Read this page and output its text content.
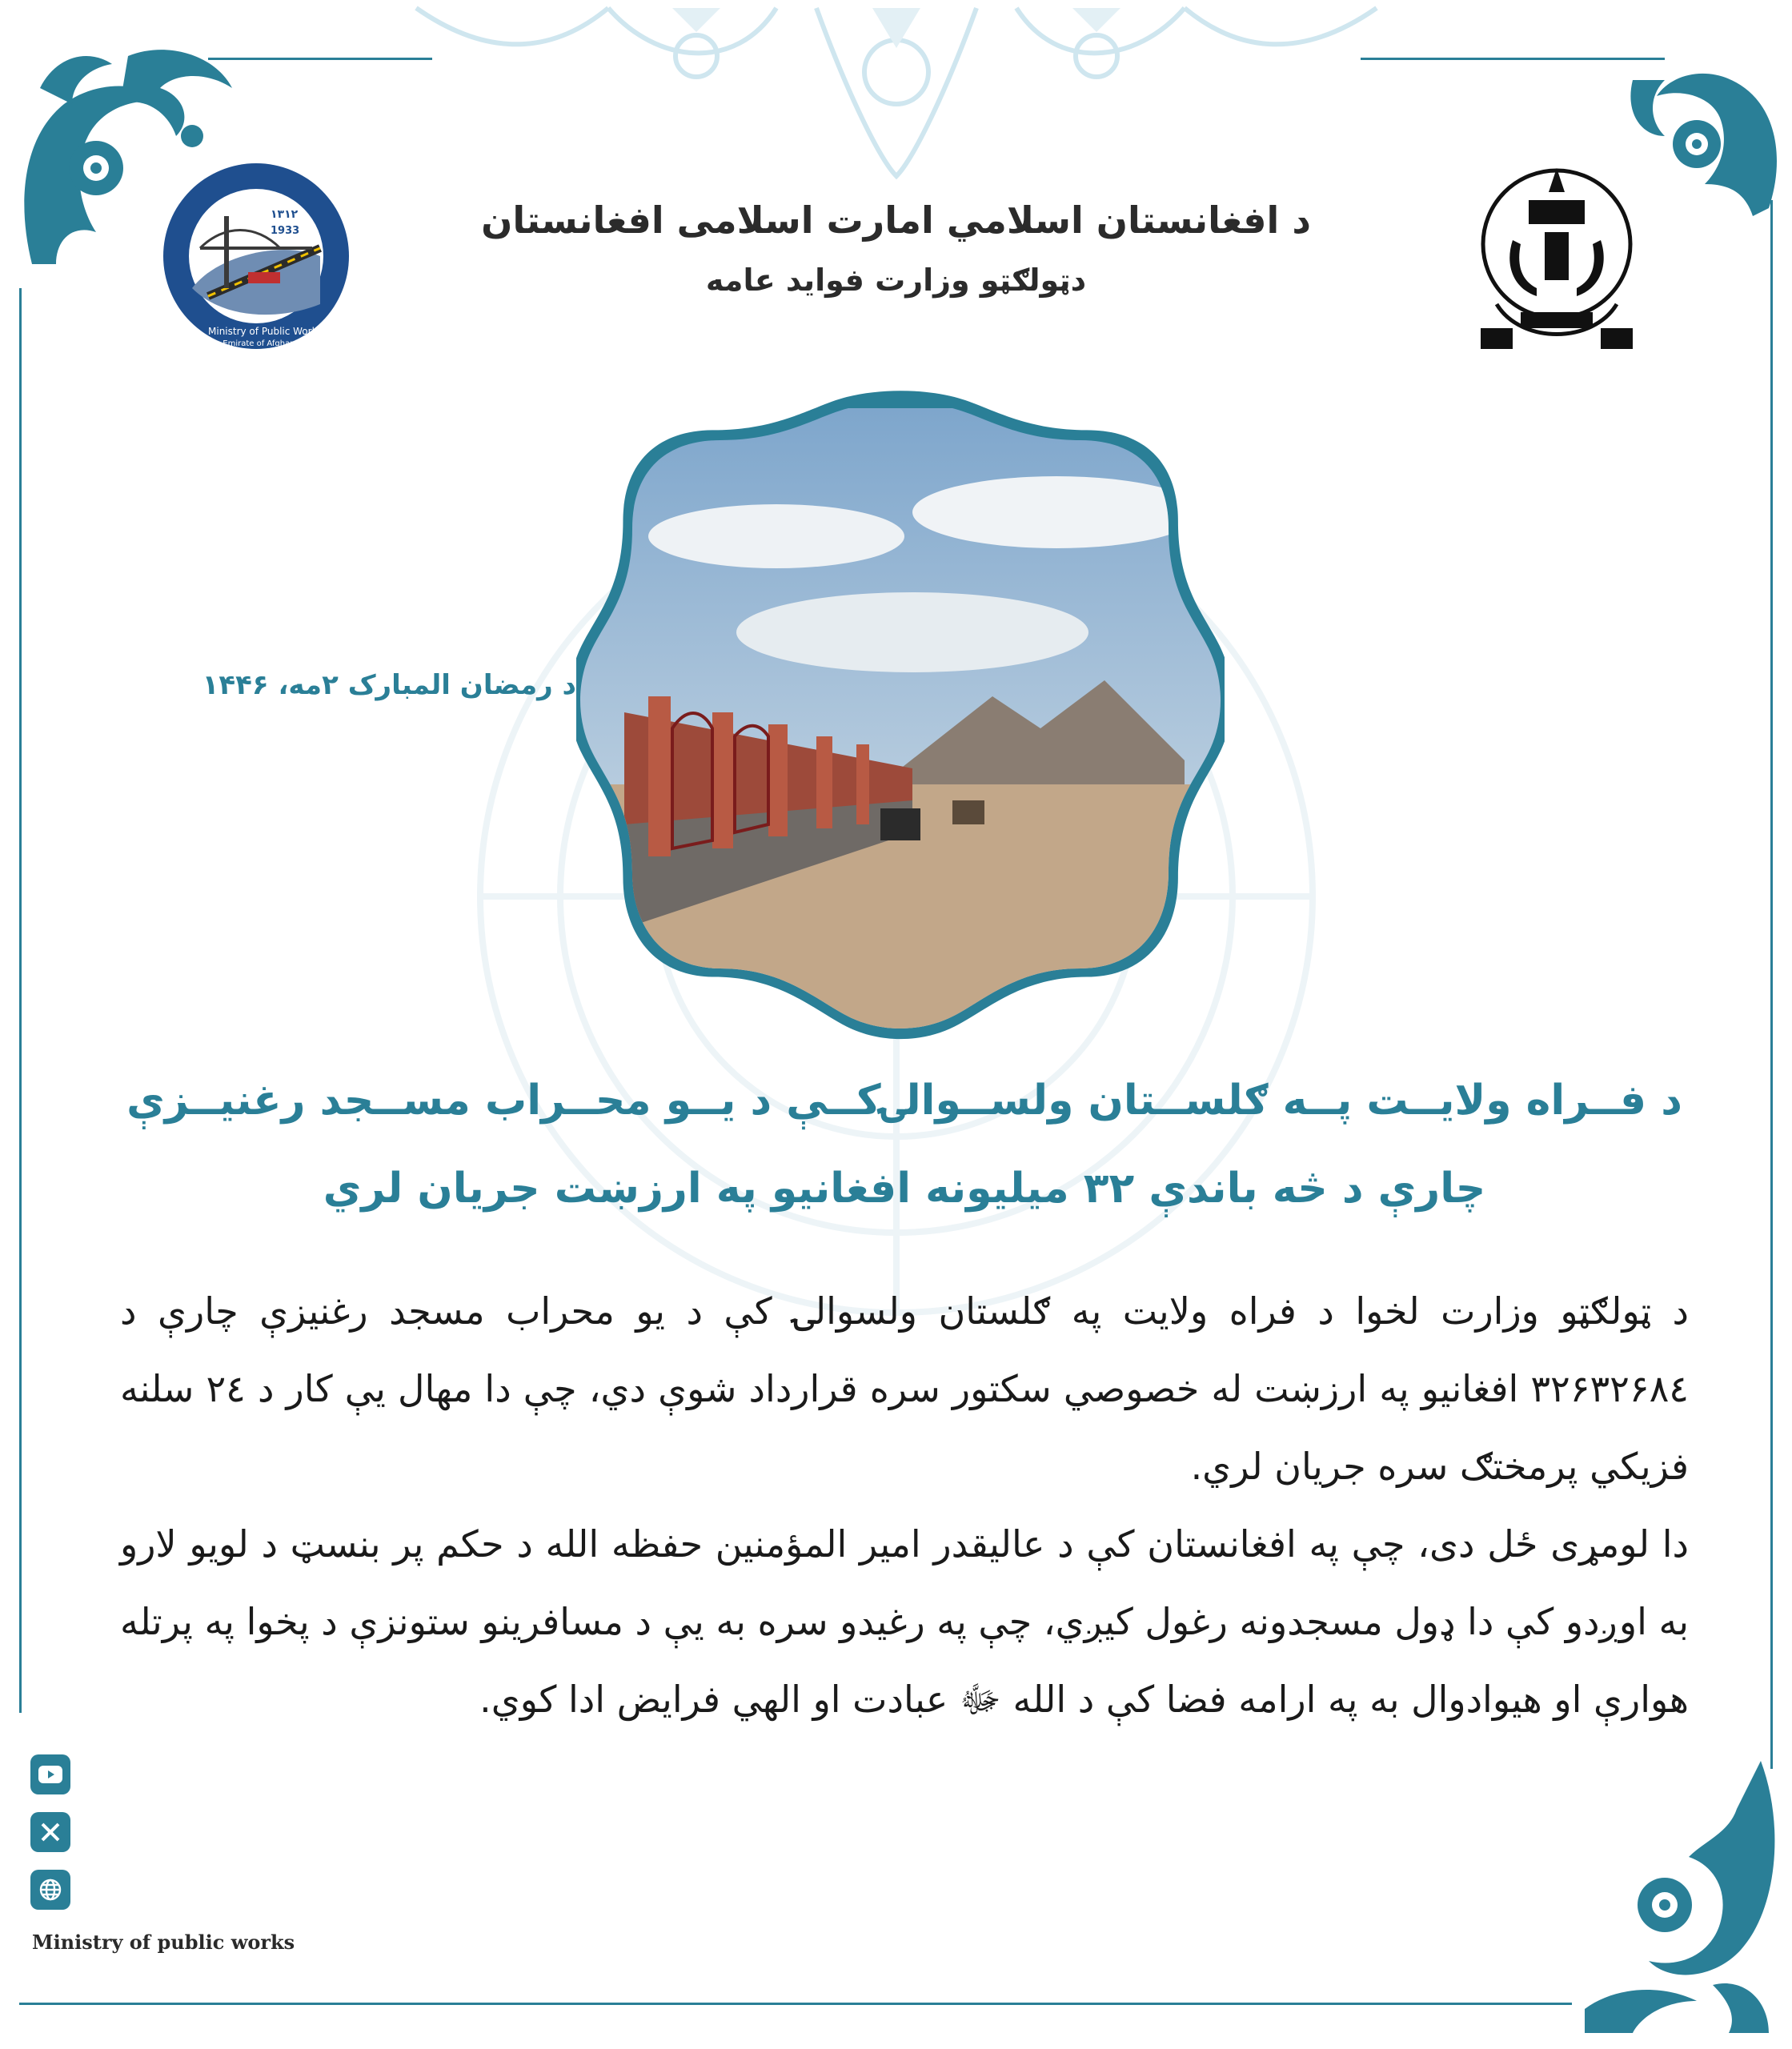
۱۳۱۲
1933
Ministry of Public Works
Islamic Emirate of Afghanistan

د افغانستان اسلامي امارت اسلامی افغانستان

دټولګټو وزارت فواید عامه

د رمضان المبارک ۲مه، ۱۴۴۶

د فــراه ولايــت پــه ګلســتان ولســوالۍکــې د يــو محــراب مســجد رغنيــزې

چارې د څه باندې ۳۲ ميليونه افغانيو په ارزښت جريان لري

د ټولګټو وزارت لخوا د فراه ولايت په ګلستان ولسوالۍ کې د يو محراب مسجد رغنيزې چارې د ۳۲۶۳۲۶۸٤ افغانيو په ارزښت له خصوصي سکتور سره قرارداد شوې دي، چې دا مهال يې کار د ۲٤ سلنه فزيکي پرمختګ سره جريان لري.

دا لومړی ځل دی، چې په افغانستان کې د عاليقدر امير المؤمنين حفظه الله د حکم پر بنسټ د لويو لارو به اوږدو کې دا ډول مسجدونه رغول کيږي، چې په رغيدو سره به يې د مسافرينو ستونزې د پخوا په پرتله هوارې او هيوادوال به په ارامه فضا کې د الله ﷻ عبادت او الهي فرايض ادا کوي.

Ministry of public works
